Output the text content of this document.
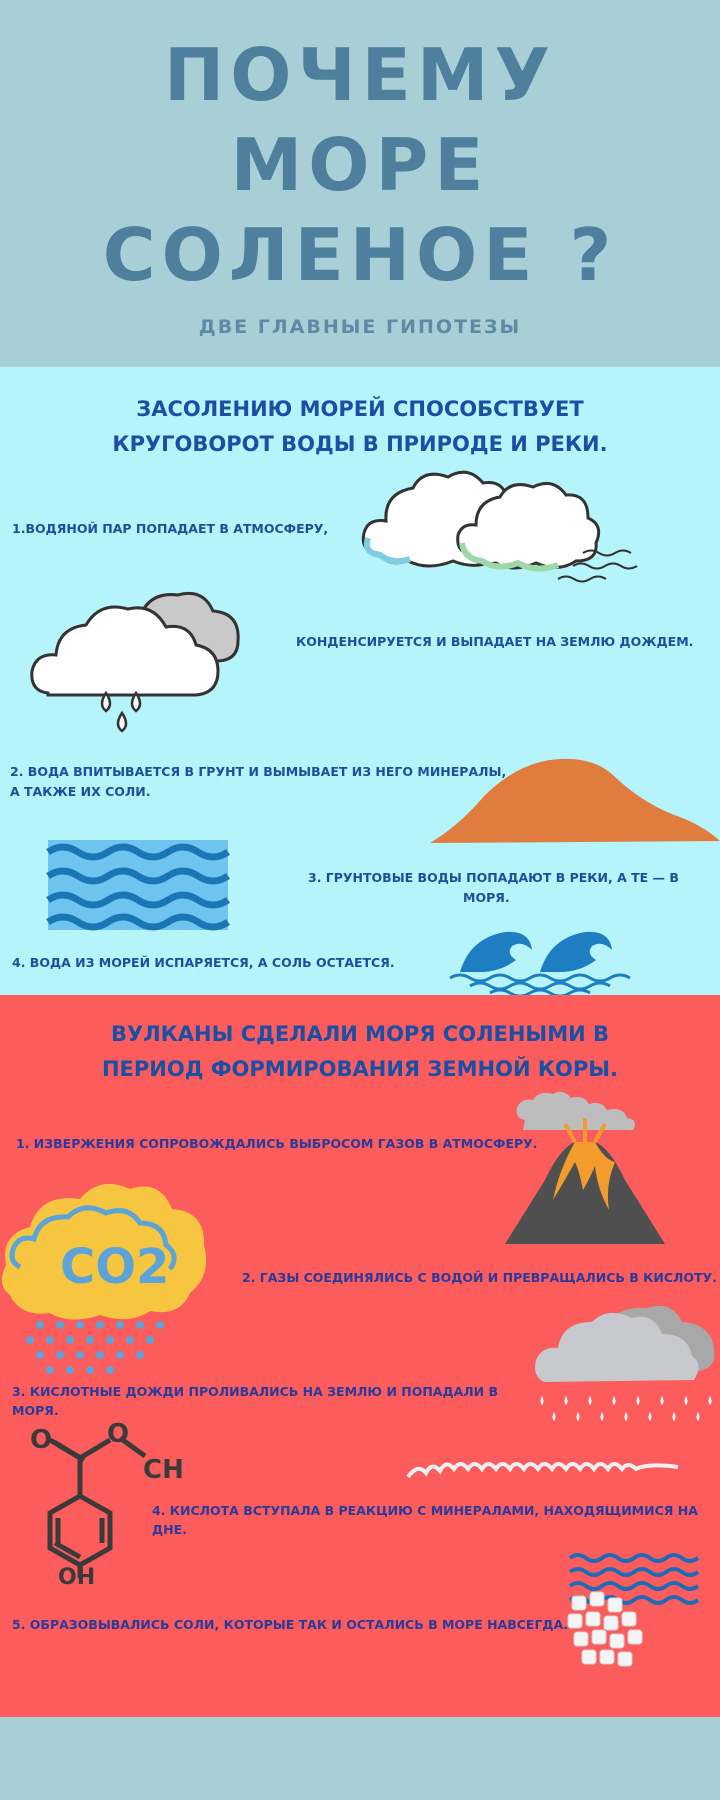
ПОЧЕМУ
МОРЕ
СОЛЕНОЕ ?
ДВЕ ГЛАВНЫЕ ГИПОТЕЗЫ
ЗАСОЛЕНИЮ МОРЕЙ СПОСОБСТВУЕТ
КРУГОВОРОТ ВОДЫ В ПРИРОДЕ И РЕКИ.
1.ВОДЯНОЙ ПАР ПОПАДАЕТ В АТМОСФЕРУ,
КОНДЕНСИРУЕТСЯ И ВЫПАДАЕТ НА ЗЕМЛЮ ДОЖДЕМ.
2. ВОДА ВПИТЫВАЕТСЯ В ГРУНТ И ВЫМЫВАЕТ ИЗ НЕГО МИНЕРАЛЫ,
А ТАКЖЕ ИХ СОЛИ.
3. ГРУНТОВЫЕ ВОДЫ ПОПАДАЮТ В РЕКИ, А ТЕ — В
МОРЯ.
4. ВОДА ИЗ МОРЕЙ ИСПАРЯЕТСЯ, А СОЛЬ ОСТАЕТСЯ.
ВУЛКАНЫ СДЕЛАЛИ МОРЯ СОЛЕНЫМИ В
ПЕРИОД ФОРМИРОВАНИЯ ЗЕМНОЙ КОРЫ.
1. ИЗВЕРЖЕНИЯ СОПРОВОЖДАЛИСЬ ВЫБРОСОМ ГАЗОВ В АТМОСФЕРУ.
2. ГАЗЫ СОЕДИНЯЛИСЬ С ВОДОЙ И ПРЕВРАЩАЛИСЬ В КИСЛОТУ.
3. КИСЛОТНЫЕ ДОЖДИ ПРОЛИВАЛИСЬ НА ЗЕМЛЮ И ПОПАДАЛИ В
МОРЯ.
4. КИСЛОТА ВСТУПАЛА В РЕАКЦИЮ С МИНЕРАЛАМИ, НАХОДЯЩИМИСЯ НА ДНЕ.
5. ОБРАЗОВЫВАЛИСЬ СОЛИ, КОТОРЫЕ ТАК И ОСТАЛИСЬ В МОРЕ НАВСЕГДА.
CO2
O O
CH
OH
